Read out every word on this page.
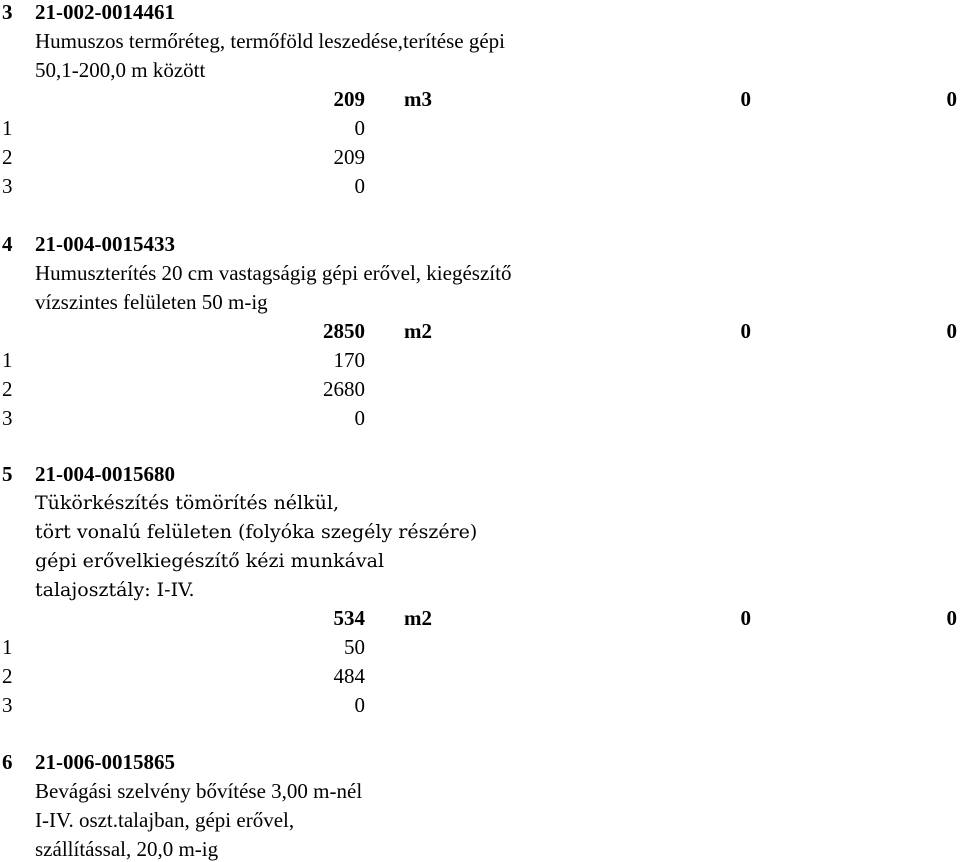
3 21-002-0014461
Humuszos termőréteg, termőföld leszedése,terítése gépi
50,1-200,0 m között
209 m3	0	0
1	0
2	209
3	0
4 21-004-0015433
Humuszterítés 20 cm vastagságig gépi erővel, kiegészítő
vízszintes felületen 50 m-ig
2850 m2	0	0
1	170
2	2680
3	0
5 21-004-0015680
Tükörkészítés tömörítés nélkül,
tört vonalú felületen (folyóka szegély részére)
gépi erővelkiegészítő kézi munkával
talajosztály: I-IV.
534 m2	0	0
1	50
2	484
3	0
6 21-006-0015865
Bevágási szelvény bővítése 3,00 m-nél
I-IV. oszt.talajban, gépi erővel,
szállítással, 20,0 m-ig
